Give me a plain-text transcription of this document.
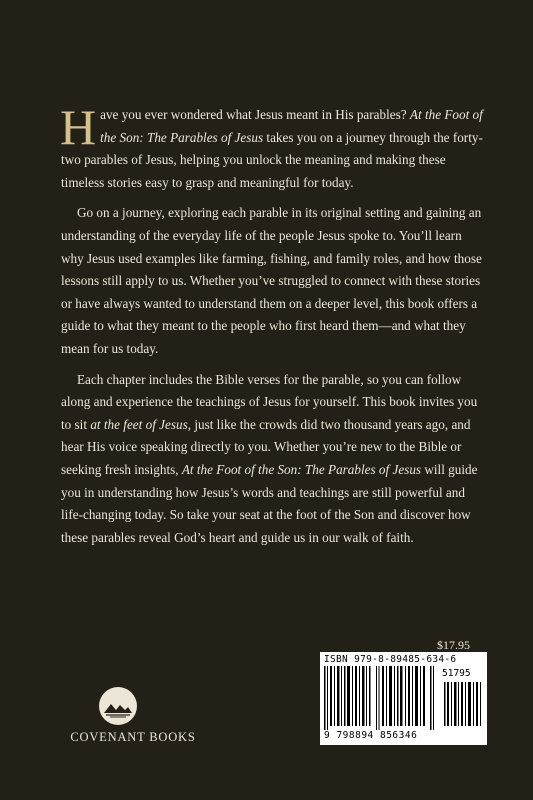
Have you ever wondered what Jesus meant in His parables? At the Foot of the Son: The Parables of Jesus takes you on a journey through the forty-two parables of Jesus, helping you unlock the meaning and making these timeless stories easy to grasp and meaningful for today.

Go on a journey, exploring each parable in its original setting and gaining an understanding of the everyday life of the people Jesus spoke to. You’ll learn why Jesus used examples like farming, fishing, and family roles, and how those lessons still apply to us. Whether you’ve struggled to connect with these stories or have always wanted to understand them on a deeper level, this book offers a guide to what they meant to the people who first heard them—and what they mean for us today.

Each chapter includes the Bible verses for the parable, so you can follow along and experience the teachings of Jesus for yourself. This book invites you to sit at the feet of Jesus, just like the crowds did two thousand years ago, and hear His voice speaking directly to you. Whether you’re new to the Bible or seeking fresh insights, At the Foot of the Son: The Parables of Jesus will guide you in understanding how Jesus’s words and teachings are still powerful and life-changing today. So take your seat at the foot of the Son and discover how these parables reveal God’s heart and guide us in our walk of faith.

COVENANT BOOKS
$17.95
ISBN 979-8-89485-634-6
51795
9 798894 856346
